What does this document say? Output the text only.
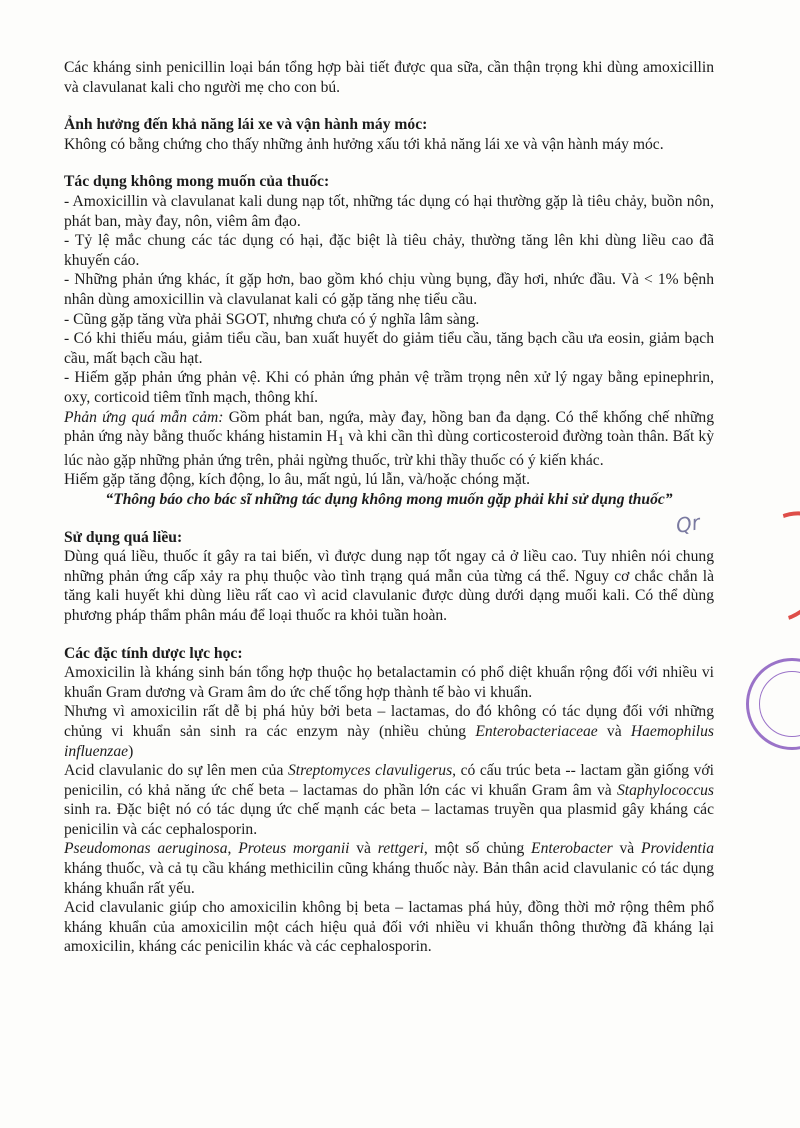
Các kháng sinh penicillin loại bán tổng hợp bài tiết được qua sữa, cần thận trọng khi dùng amoxicillin và clavulanat kali cho người mẹ cho con bú.

Ảnh hưởng đến khả năng lái xe và vận hành máy móc:

Không có bằng chứng cho thấy những ảnh hưởng xấu tới khả năng lái xe và vận hành máy móc.

Tác dụng không mong muốn của thuốc:

- Amoxicillin và clavulanat kali dung nạp tốt, những tác dụng có hại thường gặp là tiêu chảy, buồn nôn, phát ban, mày đay, nôn, viêm âm đạo.

- Tỷ lệ mắc chung các tác dụng có hại, đặc biệt là tiêu chảy, thường tăng lên khi dùng liều cao đã khuyến cáo.

- Những phản ứng khác, ít gặp hơn, bao gồm khó chịu vùng bụng, đầy hơi, nhức đầu. Và < 1% bệnh nhân dùng amoxicillin và clavulanat kali có gặp tăng nhẹ tiểu cầu.

- Cũng gặp tăng vừa phải SGOT, nhưng chưa có ý nghĩa lâm sàng.

- Có khi thiếu máu, giảm tiểu cầu, ban xuất huyết do giảm tiểu cầu, tăng bạch cầu ưa eosin, giảm bạch cầu, mất bạch cầu hạt.

- Hiếm gặp phản ứng phản vệ. Khi có phản ứng phản vệ trầm trọng nên xử lý ngay bằng epinephrin, oxy, corticoid tiêm tĩnh mạch, thông khí.

Phản ứng quá mẫn cảm: Gồm phát ban, ngứa, mày đay, hồng ban đa dạng. Có thể khống chế những phản ứng này bằng thuốc kháng histamin $H_1$ và khi cần thì dùng corticosteroid đường toàn thân. Bất kỳ lúc nào gặp những phản ứng trên, phải ngừng thuốc, trừ khi thầy thuốc có ý kiến khác.

Hiếm gặp tăng động, kích động, lo âu, mất ngủ, lú lẫn, và/hoặc chóng mặt.

“Thông báo cho bác sĩ những tác dụng không mong muốn gặp phải khi sử dụng thuốc”

Sử dụng quá liều:

Dùng quá liều, thuốc ít gây ra tai biến, vì được dung nạp tốt ngay cả ở liều cao. Tuy nhiên nói chung những phản ứng cấp xảy ra phụ thuộc vào tình trạng quá mẫn của từng cá thể. Nguy cơ chắc chắn là tăng kali huyết khi dùng liều rất cao vì acid clavulanic được dùng dưới dạng muối kali. Có thể dùng phương pháp thẩm phân máu để loại thuốc ra khỏi tuần hoàn.

Các đặc tính dược lực học:

Amoxicilin là kháng sinh bán tổng hợp thuộc họ betalactamin có phổ diệt khuẩn rộng đối với nhiều vi khuẩn Gram dương và Gram âm do ức chế tổng hợp thành tế bào vi khuẩn.

Nhưng vì amoxicilin rất dễ bị phá hủy bởi beta – lactamas, do đó không có tác dụng đối với những chủng vi khuẩn sản sinh ra các enzym này (nhiều chủng Enterobacteriaceae và Haemophilus influenzae)

Acid clavulanic do sự lên men của Streptomyces clavuligerus, có cấu trúc beta -- lactam gần giống với penicilin, có khả năng ức chế beta – lactamas do phần lớn các vi khuẩn Gram âm và Staphylococcus sinh ra. Đặc biệt nó có tác dụng ức chế mạnh các beta – lactamas truyền qua plasmid gây kháng các penicilin và các cephalosporin.

Pseudomonas aeruginosa, Proteus morganii và rettgeri, một số chủng Enterobacter và Providentia kháng thuốc, và cả tụ cầu kháng methicilin cũng kháng thuốc này. Bản thân acid clavulanic có tác dụng kháng khuẩn rất yếu.

Acid clavulanic giúp cho amoxicilin không bị beta – lactamas phá hủy, đồng thời mở rộng thêm phổ kháng khuẩn của amoxicilin một cách hiệu quả đối với nhiều vi khuẩn thông thường đã kháng lại amoxicilin, kháng các penicilin khác và các cephalosporin.

Qr
